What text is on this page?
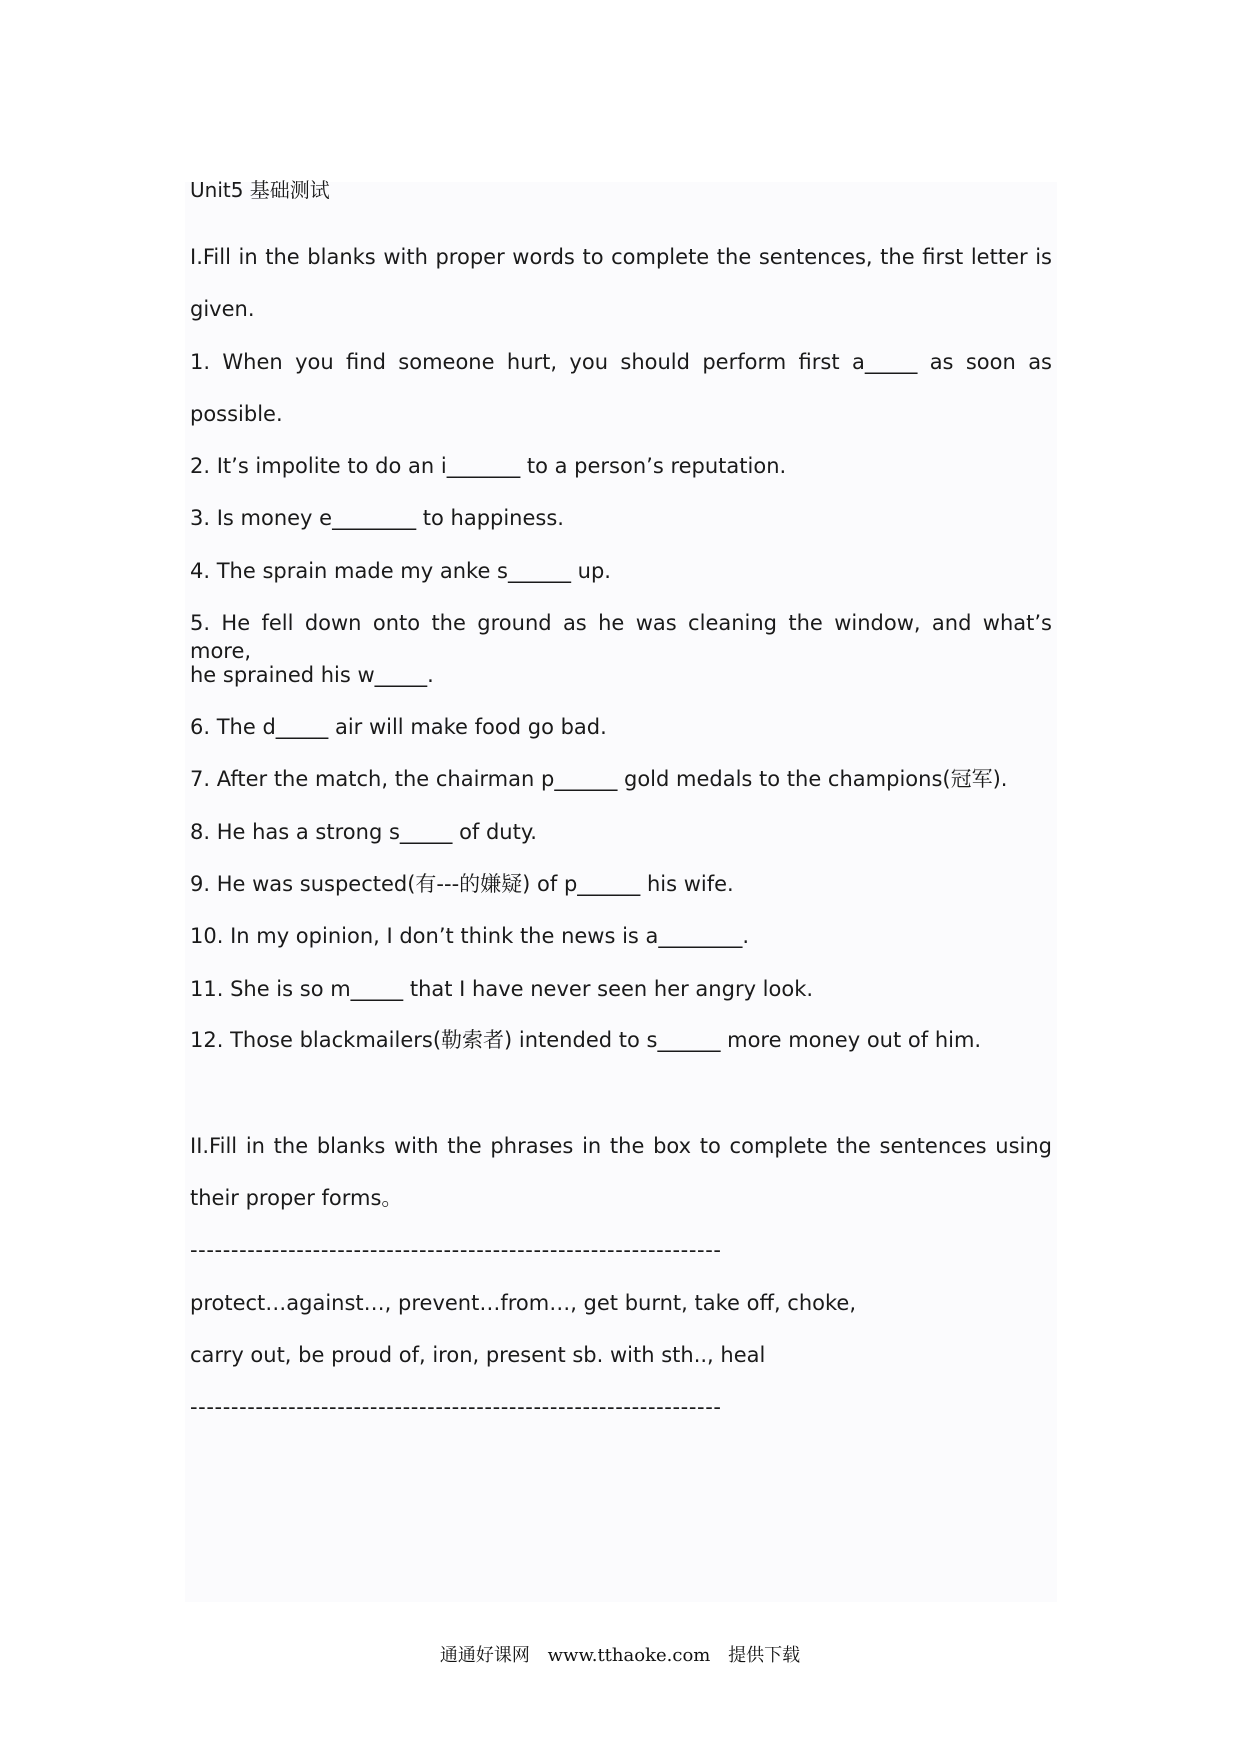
Unit5 基础测试
I.Fill in the blanks with proper words to complete the sentences, the first letter is
given.
1. When you find someone hurt, you should perform first a_____ as soon as
possible.
2. It’s impolite to do an i_______ to a person’s reputation.
3. Is money e________ to happiness.
4. The sprain made my anke s______ up.
5. He fell down onto the ground as he was cleaning the window, and what’s more,
he sprained his w_____.
6. The d_____ air will make food go bad.
7. After the match, the chairman p______ gold medals to the champions(冠军).
8. He has a strong s_____ of duty.
9. He was suspected(有---的嫌疑) of p______ his wife.
10. In my opinion, I don’t think the news is a________.
11. She is so m_____ that I have never seen her angry look.
12. Those blackmailers(勒索者) intended to s______ more money out of him.
II.Fill in the blanks with the phrases in the box to complete the sentences using
their proper forms。
-----------------------------------------------------------------
protect…against…, prevent…from…, get burnt, take off, choke,
carry out, be proud of, iron, present sb. with sth.., heal
-----------------------------------------------------------------
通通好课网 www.tthaoke.com 提供下载
